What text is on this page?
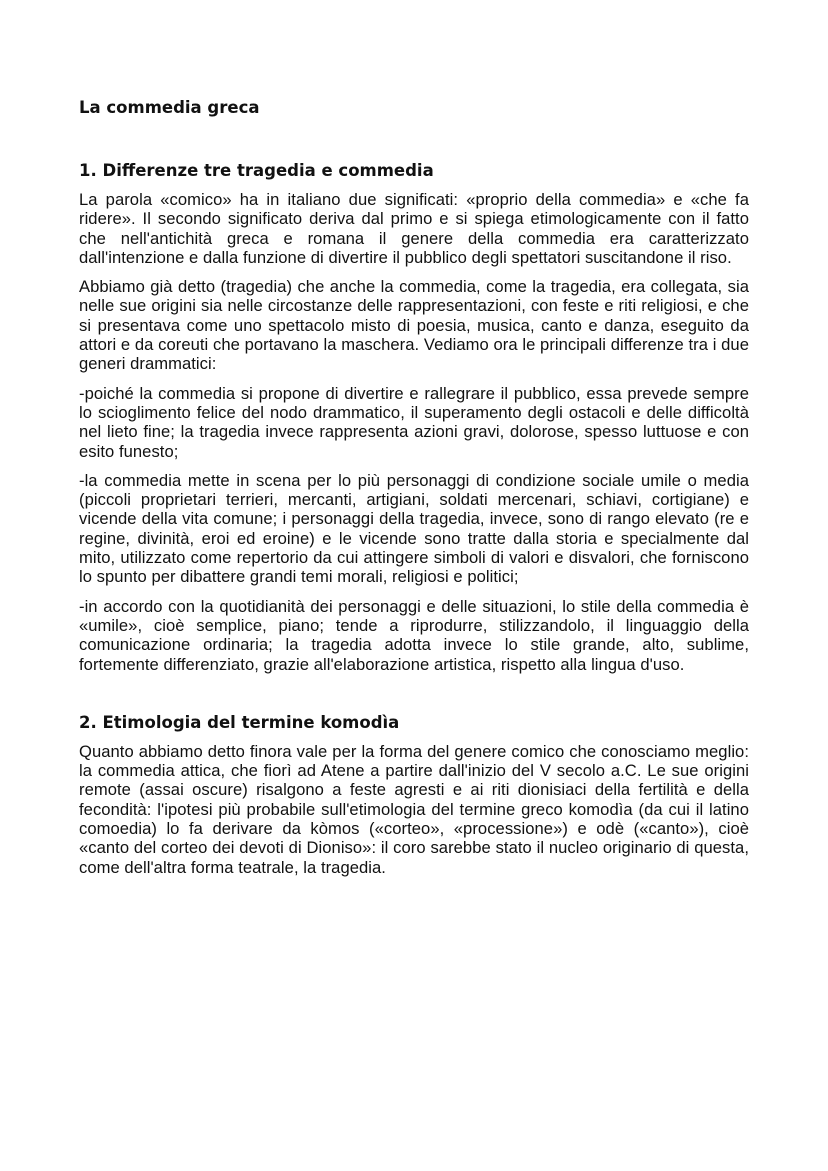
La commedia greca
1. Differenze tre tragedia e commedia

La parola «comico» ha in italiano due significati: «proprio della commedia» e «che fa ridere». Il secondo significato deriva dal primo e si spiega etimologicamente con il fatto che nell'antichità greca e romana il genere della commedia era caratterizzato dall'intenzione e dalla funzione di divertire il pubblico degli spettatori suscitandone il riso.

Abbiamo già detto (tragedia) che anche la commedia, come la tragedia, era collegata, sia nelle sue origini sia nelle circostanze delle rappresentazioni, con feste e riti religiosi, e che si presentava come uno spettacolo misto di poesia, musica, canto e danza, eseguito da attori e da coreuti che portavano la maschera. Vediamo ora le principali differenze tra i due generi drammatici:

-poiché la commedia si propone di divertire e rallegrare il pubblico, essa prevede sempre lo scioglimento felice del nodo drammatico, il superamento degli ostacoli e delle difficoltà nel lieto fine; la tragedia invece rappresenta azioni gravi, dolorose, spesso luttuose e con esito funesto;

-la commedia mette in scena per lo più personaggi di condizione sociale umile o media (piccoli proprietari terrieri, mercanti, artigiani, soldati mercenari, schiavi, cortigiane) e vicende della vita comune; i personaggi della tragedia, invece, sono di rango elevato (re e regine, divinità, eroi ed eroine) e le vicende sono tratte dalla storia e specialmente dal mito, utilizzato come repertorio da cui attingere simboli di valori e disvalori, che forniscono lo spunto per dibattere grandi temi morali, religiosi e politici;

-in accordo con la quotidianità dei personaggi e delle situazioni, lo stile della commedia è «umile», cioè semplice, piano; tende a riprodurre, stilizzandolo, il linguaggio della comunicazione ordinaria; la tragedia adotta invece lo stile grande, alto, sublime, fortemente differenziato, grazie all'elaborazione artistica, rispetto alla lingua d'uso.

2. Etimologia del termine komodìa

Quanto abbiamo detto finora vale per la forma del genere comico che conosciamo meglio: la commedia attica, che fiorì ad Atene a partire dall'inizio del V secolo a.C. Le sue origini remote (assai oscure) risalgono a feste agresti e ai riti dionisiaci della fertilità e della fecondità: l'ipotesi più probabile sull'etimologia del termine greco komodìa (da cui il latino comoedia) lo fa derivare da kòmos («corteo», «processione») e odè («canto»), cioè «canto del corteo dei devoti di Dioniso»: il coro sarebbe stato il nucleo originario di questa, come dell'altra forma teatrale, la tragedia.
